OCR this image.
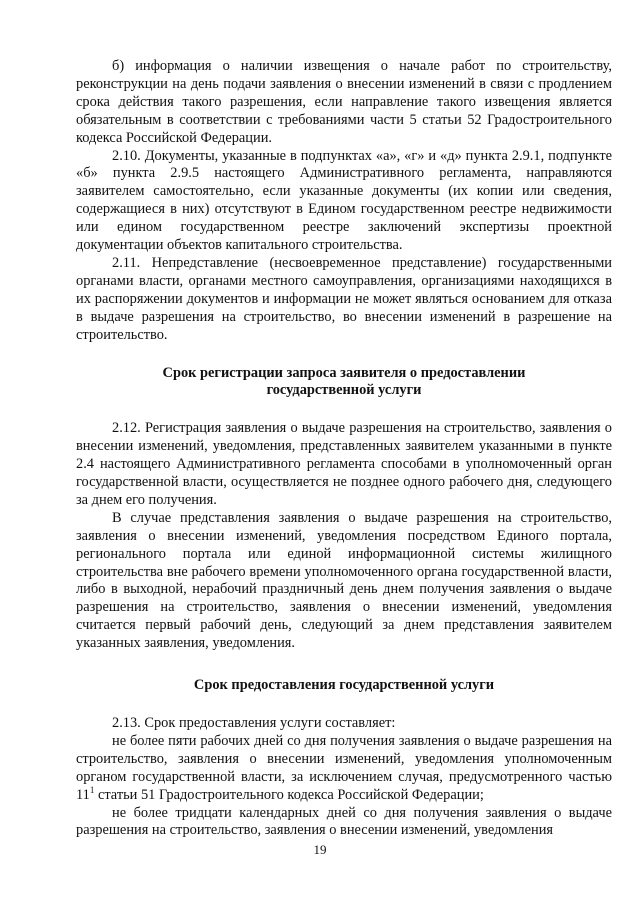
б) информация о наличии извещения о начале работ по строительству, реконструкции на день подачи заявления о внесении изменений в связи с продлением срока действия такого разрешения, если направление такого извещения является обязательным в соответствии с требованиями части 5 статьи 52 Градостроительного кодекса Российской Федерации.

2.10. Документы, указанные в подпунктах «а», «г» и «д» пункта 2.9.1, подпункте «б» пункта 2.9.5 настоящего Административного регламента, направляются заявителем самостоятельно, если указанные документы (их копии или сведения, содержащиеся в них) отсутствуют в Едином государственном реестре недвижимости или едином государственном реестре заключений экспертизы проектной документации объектов капитального строительства.

2.11. Непредставление (несвоевременное представление) государственными органами власти, органами местного самоуправления, организациями находящихся в их распоряжении документов и информации не может являться основанием для отказа в выдаче разрешения на строительство, во внесении изменений в разрешение на строительство.

Срок регистрации запроса заявителя о предоставлении
государственной услуги

2.12. Регистрация заявления о выдаче разрешения на строительство, заявления о внесении изменений, уведомления, представленных заявителем указанными в пункте 2.4 настоящего Административного регламента способами в уполномоченный орган государственной власти, осуществляется не позднее одного рабочего дня, следующего за днем его получения.

В случае представления заявления о выдаче разрешения на строительство, заявления о внесении изменений, уведомления посредством Единого портала, регионального портала или единой информационной системы жилищного строительства вне рабочего времени уполномоченного органа государственной власти, либо в выходной, нерабочий праздничный день днем получения заявления о выдаче разрешения на строительство, заявления о внесении изменений, уведомления считается первый рабочий день, следующий за днем представления заявителем указанных заявления, уведомления.

Срок предоставления государственной услуги

2.13. Срок предоставления услуги составляет:

не более пяти рабочих дней со дня получения заявления о выдаче разрешения на строительство, заявления о внесении изменений, уведомления уполномоченным органом государственной власти, за исключением случая, предусмотренного частью $11^1$ статьи 51 Градостроительного кодекса Российской Федерации;

не более тридцати календарных дней со дня получения заявления о выдаче разрешения на строительство, заявления о внесении изменений, уведомления

19
